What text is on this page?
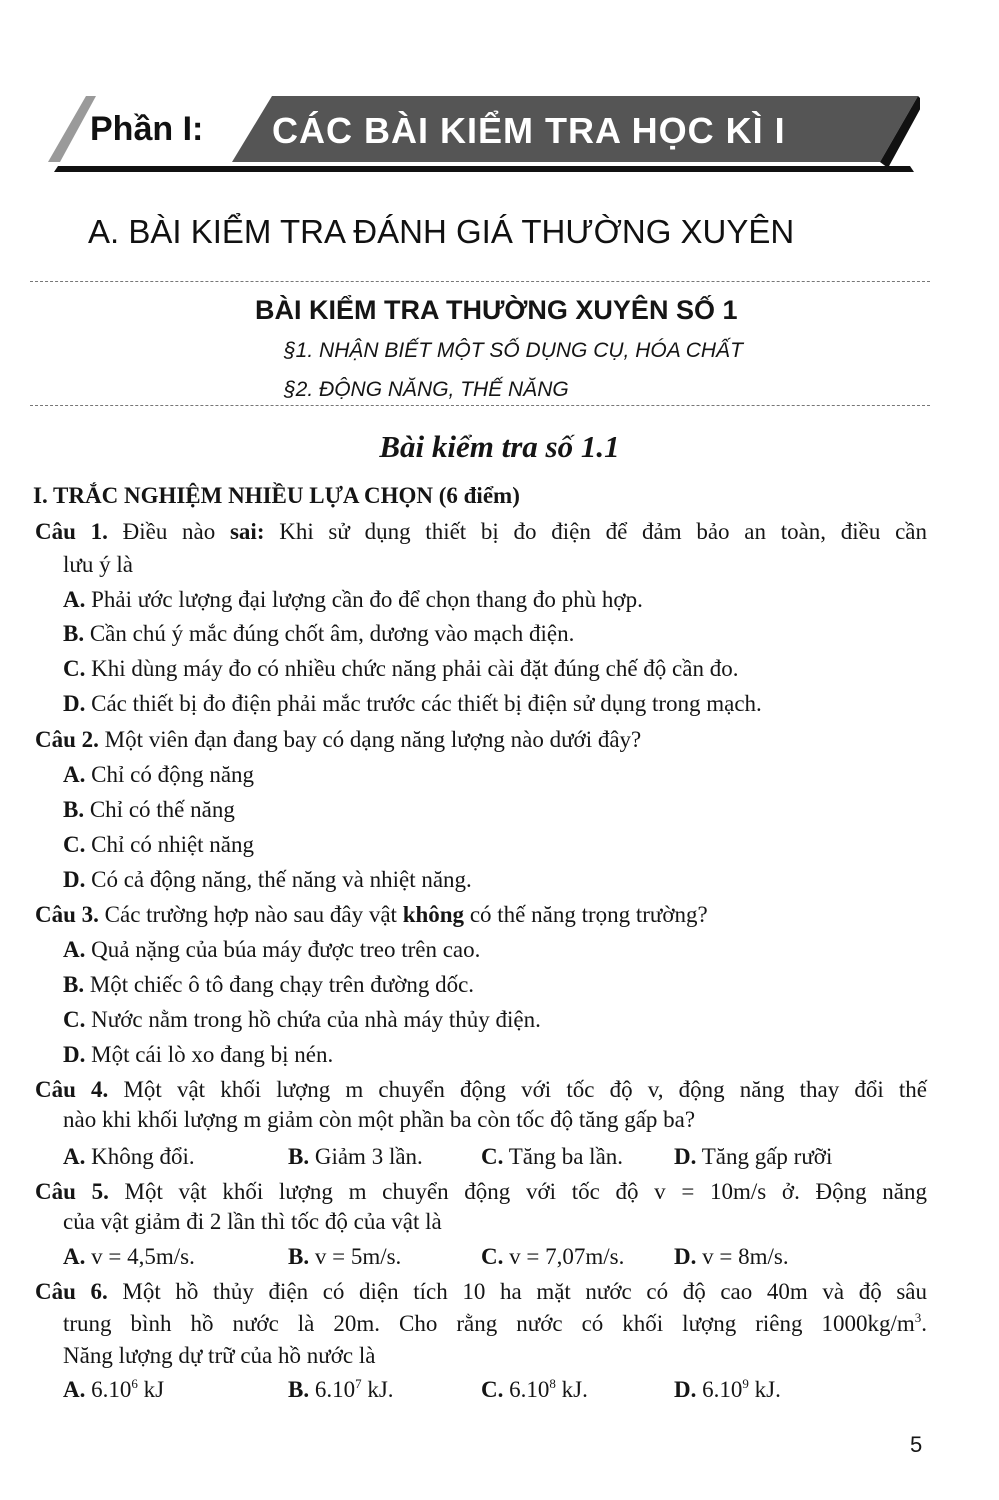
Phần I: CÁC BÀI KIỂM TRA HỌC KÌ I
A. BÀI KIỂM TRA ĐÁNH GIÁ THƯỜNG XUYÊN
BÀI KIỂM TRA THƯỜNG XUYÊN SỐ 1
§1. NHẬN BIẾT MỘT SỐ DỤNG CỤ, HÓA CHẤT
§2. ĐỘNG NĂNG, THẾ NĂNG
Bài kiểm tra số 1.1
I. TRẮC NGHIỆM NHIỀU LỰA CHỌN (6 điểm)
Câu 1. Điều nào sai: Khi sử dụng thiết bị đo điện để đảm bảo an toàn, điều cần
lưu ý là
A. Phải ước lượng đại lượng cần đo để chọn thang đo phù hợp.
B. Cần chú ý mắc đúng chốt âm, dương vào mạch điện.
C. Khi dùng máy đo có nhiều chức năng phải cài đặt đúng chế độ cần đo.
D. Các thiết bị đo điện phải mắc trước các thiết bị điện sử dụng trong mạch.
Câu 2. Một viên đạn đang bay có dạng năng lượng nào dưới đây?
A. Chỉ có động năng
B. Chỉ có thế năng
C. Chỉ có nhiệt năng
D. Có cả động năng, thế năng và nhiệt năng.
Câu 3. Các trường hợp nào sau đây vật không có thế năng trọng trường?
A. Quả nặng của búa máy được treo trên cao.
B. Một chiếc ô tô đang chạy trên đường dốc.
C. Nước nằm trong hồ chứa của nhà máy thủy điện.
D. Một cái lò xo đang bị nén.
Câu 4. Một vật khối lượng m chuyển động với tốc độ v, động năng thay đổi thế
nào khi khối lượng m giảm còn một phần ba còn tốc độ tăng gấp ba?
A. Không đổi.	B. Giảm 3 lần.	C. Tăng ba lần. D. Tăng gấp rưỡi
Câu 5. Một vật khối lượng m chuyển động với tốc độ v = 10m/s ở. Động năng
của vật giảm đi 2 lần thì tốc độ của vật là
A. v = 4,5m/s.	B. v = 5m/s.	C. v = 7,07m/s. D. v = 8m/s.
Câu 6. Một hồ thủy điện có diện tích 10 ha mặt nước có độ cao 40m và độ sâu
trung bình hồ nước là 20m. Cho rằng nước có khối lượng riêng $1000kg/m^3$.
Năng lượng dự trữ của hồ nước là
A. 6.10$^6$ kJ	B. 6.10$^7$ kJ.	C. 6.10$^8$ kJ.	D. 6.10$^9$ kJ.
5
